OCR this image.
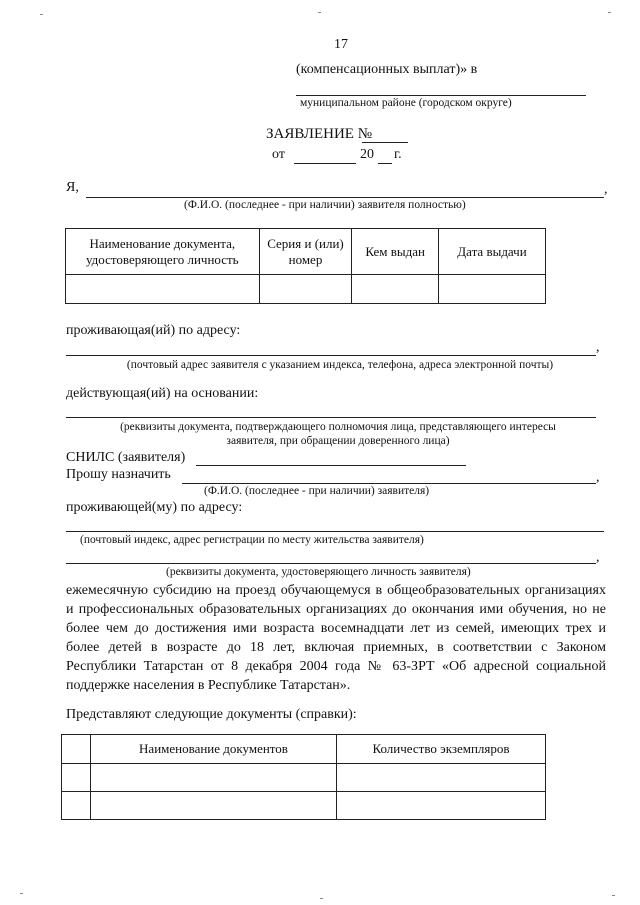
17
(компенсационных выплат)» в
муниципальном районе (городском округе)
ЗАЯВЛЕНИЕ №
от	20 г.
Я,	,
(Ф.И.О. (последнее - при наличии) заявителя полностью)
Наименование документа, удостоверяющего личность	Серия и (или) номер	Кем выдан	Дата выдачи

проживающая(ий) по адресу:
,
(почтовый адрес заявителя с указанием индекса, телефона, адреса электронной почты)
действующая(ий) на основании:
(реквизиты документа, подтверждающего полномочия лица, представляющего интересы заявителя, при обращении доверенного лица)
СНИЛС (заявителя)
Прошу назначить	,
(Ф.И.О. (последнее - при наличии) заявителя)
проживающей(му) по адресу:
(почтовый индекс, адрес регистрации по месту жительства заявителя)
,
(реквизиты документа, удостоверяющего личность заявителя)
ежемесячную субсидию на проезд обучающемуся в общеобразовательных организациях и профессиональных образовательных организациях до окончания ими обучения, но не более чем до достижения ими возраста восемнадцати лет из семей, имеющих трех и более детей в возрасте до 18 лет, включая приемных, в соответствии с Законом Республики Татарстан от 8 декабря 2004 года № 63-ЗРТ «Об адресной социальной поддержке населения в Республике Татарстан».
Представляют следующие документы (справки):
	Наименование документов	Количество экземпляров
